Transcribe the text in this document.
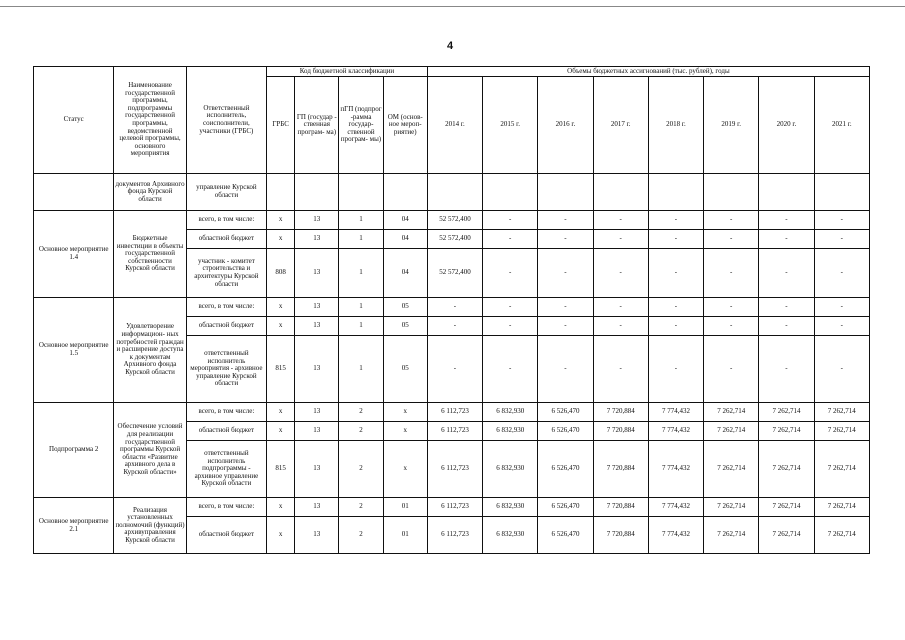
4
Статус	Наименование государственной программы, подпрограммы государственной программы, ведомственной целевой программы, основного мероприятия	Ответственный исполнитель, соисполнители, участники (ГРБС)	Код бюджетной классификации				Объемы бюджетных ассигнований (тыс. рублей), годы							
			ГРБС	ГП (государ - ственная програм- ма)	пГП (подпрог -рамма государ- ственной програм- мы)	ОМ (основ- ное мероп- риятие)	2014 г.	2015 г.	2016 г.	2017 г.	2018 г.	2019 г.	2020 г.	2021 г.
	документов Архивного фонда Курской области	управление Курской области												
Основное мероприятие 1.4	Бюджетные инвестиции в объекты государственной собственности Курской области	всего, в том числе:	х	13	1	04	52 572,400	-	-	-	-	-	-	-
		областной бюджет	х	13	1	04	52 572,400	-	-	-	-	-	-	-
		участник - комитет строительства и архитектуры Курской области	808	13	1	04	52 572,400	-	-	-	-	-	-	-
Основное мероприятие 1.5	Удовлетворение информацион- ных потребностей граждан и расширение доступа к документам Архивного фонда Курской области	всего, в том числе:	х	13	1	05	-	-	-	-	-	-	-	-
		областной бюджет	х	13	1	05	-	-	-	-	-	-	-	-
		ответственный исполнитель мероприятия - архивное управление Курской области	815	13	1	05	-	-	-	-	-	-	-	-
Подпрограмма 2	Обеспечение условий для реализации государственной программы Курской области «Развитие архивного дела в Курской области»	всего, в том числе:	х	13	2	х	6 112,723	6 832,930	6 526,470	7 720,884	7 774,432	7 262,714	7 262,714	7 262,714
		областной бюджет	х	13	2	х	6 112,723	6 832,930	6 526,470	7 720,884	7 774,432	7 262,714	7 262,714	7 262,714
		ответственный исполнитель подпрограммы - архивное управление Курской области	815	13	2	х	6 112,723	6 832,930	6 526,470	7 720,884	7 774,432	7 262,714	7 262,714	7 262,714
Основное мероприятие 2.1	Реализация установленных полномочий (функций) архивуправления Курской области	всего, в том числе:	х	13	2	01	6 112,723	6 832,930	6 526,470	7 720,884	7 774,432	7 262,714	7 262,714	7 262,714
		областной бюджет	х	13	2	01	6 112,723	6 832,930	6 526,470	7 720,884	7 774,432	7 262,714	7 262,714	7 262,714
